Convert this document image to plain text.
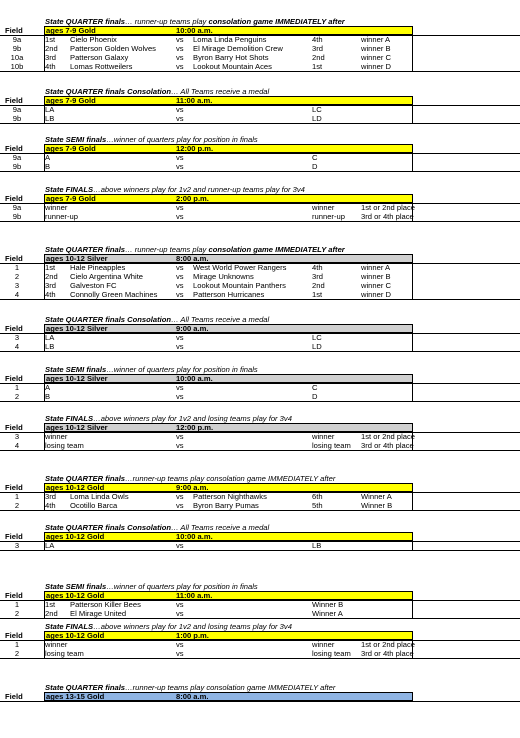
State QUARTER finals… runner-up teams play consolation game IMMEDIATELY after
Field	ages 7-9 Gold	10:00 a.m.
9a	1st Cielo Phoenix	vs Loma Linda Penguins	4th	winner A
9b	2nd Patterson Golden Wolves	vs El Mirage Demolition Crew	3rd	winner B
10a	3rd Patterson Galaxy	vs Byron Barry Hot Shots	2nd	winner C
10b	4th Lomas Rottweilers	vs Lookout Mountain Aces	1st	winner D
State QUARTER finals Consolation… All Teams receive a medal
Field	ages 7-9 Gold	11:00 a.m.
9a	LA	vs	LC
9b	LB	vs	LD
State SEMI finals…winner of quarters play for position in finals
Field	ages 7-9 Gold	12:00 p.m.
9a	A	vs	C
9b	B	vs	D
State FINALS…above winners play for 1v2 and runner-up teams play for 3v4
Field	ages 7-9 Gold	2:00 p.m.
9a	winner	vs	winner	1st or 2nd place
9b	runner-up	vs	runner-up 3rd or 4th place
State QUARTER finals… runner-up teams play consolation game IMMEDIATELY after
Field	ages 10-12 Silver	8:00 a.m.
1	1st Hale Pineapples	vs West World Power Rangers	4th	winner A
2	2nd Cielo Argentina White	vs Mirage Unknowns	3rd	winner B
3	3rd Galveston FC	vs Lookout Mountain Panthers	2nd	winner C
4	4th Connolly Green Machines vs Patterson Hurricanes	1st	winner D
State QUARTER finals Consolation… All Teams receive a medal
Field	ages 10-12 Silver	9:00 a.m.
3	LA	vs	LC
4	LB	vs	LD
State SEMI finals…winner of quarters play for position in finals
Field	ages 10-12 Silver	10:00 a.m.
1	A	vs	C
2	B	vs	D
State FINALS…above winners play for 1v2 and losing teams play for 3v4
Field	ages 10-12 Silver	12:00 p.m.
3	winner	vs	winner	1st or 2nd place
4	losing team	vs	losing team 3rd or 4th place
State QUARTER finals…runner-up teams play consolation game IMMEDIATELY after
Field	ages 10-12 Gold	9:00 a.m.
1	3rd Loma Linda Owls	vs Patterson Nighthawks	6th	Winner A
2	4th Ocotillo Barca	vs Byron Barry Pumas	5th	Winner B
State QUARTER finals Consolation… All Teams receive a medal
Field	ages 10-12 Gold	10:00 a.m.
3	LA	vs	LB
State SEMI finals…winner of quarters play for position in finals
Field	ages 10-12 Gold	11:00 a.m.
1	1st Patterson Killer Bees	vs	Winner B
2	2nd El Mirage United	vs	Winner A
State FINALS…above winners play for 1v2 and losing teams play for 3v4
Field	ages 10-12 Gold	1:00 p.m.
1	winner	vs	winner	1st or 2nd place
2	losing team	vs	losing team 3rd or 4th place
State QUARTER finals…runner-up teams play consolation game IMMEDIATELY after
Field	ages 13-15 Gold	8:00 a.m.
